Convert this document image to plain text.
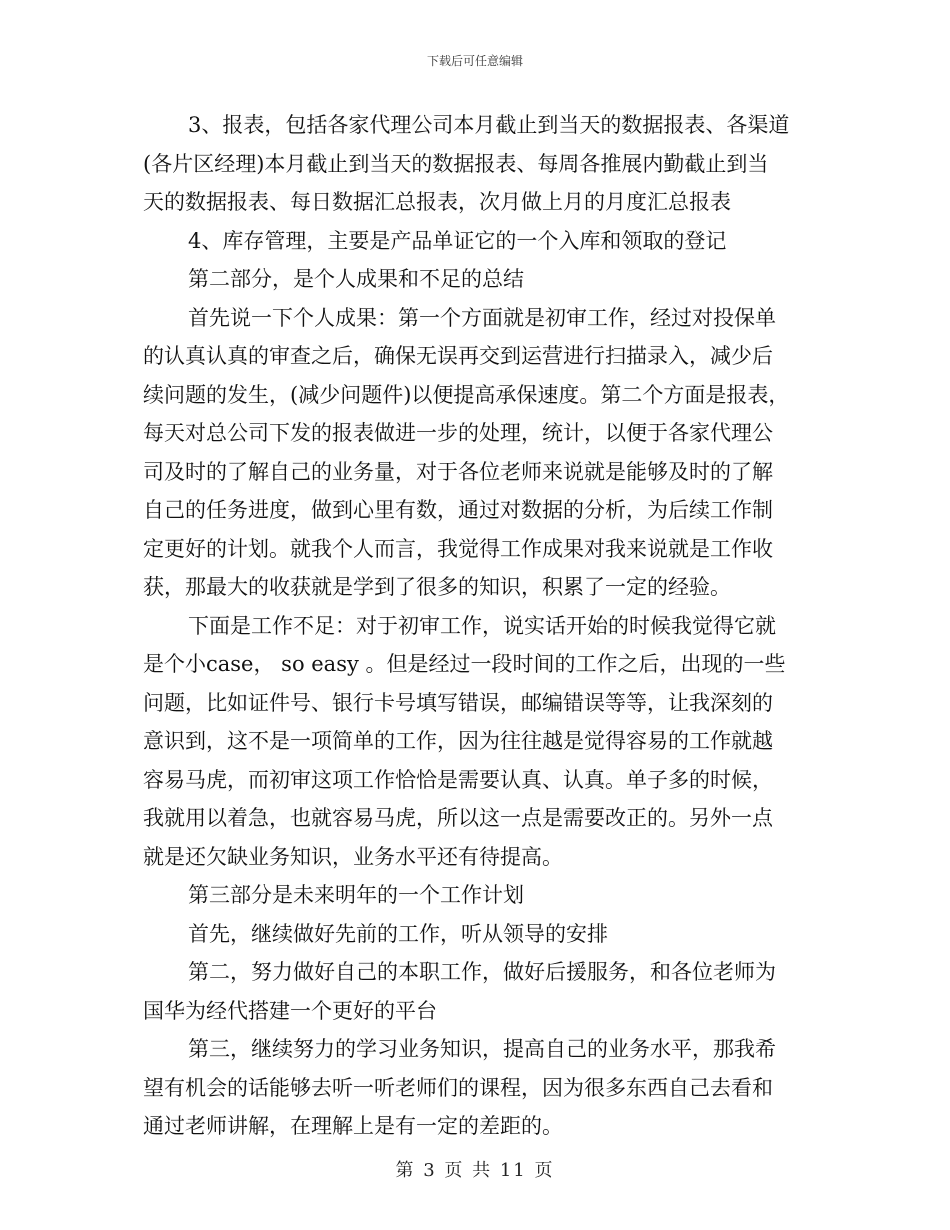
下载后可任意编辑
3、报表，包括各家代理公司本月截止到当天的数据报表、各渠道
(各片区经理)本月截止到当天的数据报表、每周各推展内勤截止到当
天的数据报表、每日数据汇总报表，次月做上月的月度汇总报表
4、库存管理，主要是产品单证它的一个入库和领取的登记
第二部分，是个人成果和不足的总结
首先说一下个人成果：第一个方面就是初审工作，经过对投保单
的认真认真的审查之后，确保无误再交到运营进行扫描录入，减少后
续问题的发生，(减少问题件)以便提高承保速度。第二个方面是报表，
每天对总公司下发的报表做进一步的处理，统计，以便于各家代理公
司及时的了解自己的业务量，对于各位老师来说就是能够及时的了解
自己的任务进度，做到心里有数，通过对数据的分析，为后续工作制
定更好的计划。就我个人而言，我觉得工作成果对我来说就是工作收
获，那最大的收获就是学到了很多的知识，积累了一定的经验。
下面是工作不足：对于初审工作，说实话开始的时候我觉得它就
是个小case， so easy 。但是经过一段时间的工作之后，出现的一些
问题，比如证件号、银行卡号填写错误，邮编错误等等，让我深刻的
意识到，这不是一项简单的工作，因为往往越是觉得容易的工作就越
容易马虎，而初审这项工作恰恰是需要认真、认真。单子多的时候，
我就用以着急，也就容易马虎，所以这一点是需要改正的。另外一点
就是还欠缺业务知识，业务水平还有待提高。
第三部分是未来明年的一个工作计划
首先，继续做好先前的工作，听从领导的安排
第二，努力做好自己的本职工作，做好后援服务，和各位老师为
国华为经代搭建一个更好的平台
第三，继续努力的学习业务知识，提高自己的业务水平，那我希
望有机会的话能够去听一听老师们的课程，因为很多东西自己去看和
通过老师讲解，在理解上是有一定的差距的。
第 3 页 共 11 页
